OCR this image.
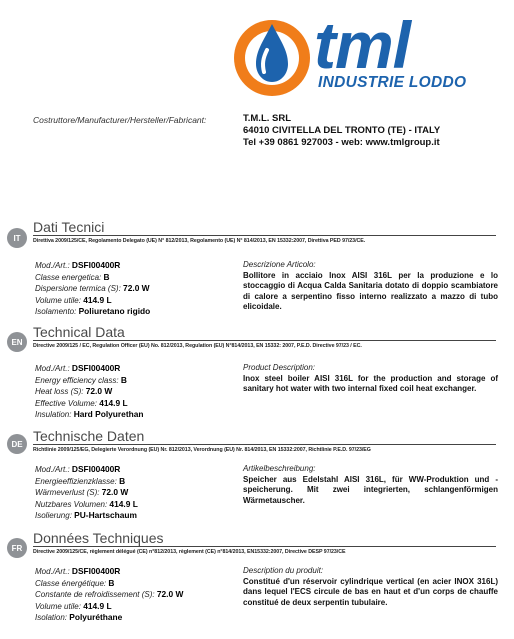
tml
INDUSTRIE LODDO
Costruttore/Manufacturer/Hersteller/Fabricant:	T.M.L. SRL
64010 CIVITELLA DEL TRONTO (TE) - ITALY
Tel +39 0861 927003 - web: www.tmlgroup.it
IT
Dati Tecnici
Direttiva 2009/125/CE, Regolamento Delegato (UE) N° 812/2013, Regolamento (UE) N° 814/2013, EN 15332:2007, Direttiva PED 97/23/CE.
Mod./Art.: DSFI00400R
Classe energetica: B
Dispersione termica (S): 72.0 W
Volume utile: 414.9 L
Isolamento: Poliuretano rigido
Descrizione Articolo:
Bollitore in acciaio Inox AISI 316L per la produzione e lo stoccaggio di Acqua Calda Sanitaria dotato di doppio scambiatore di calore a serpentino fisso interno realizzato a mazzo di tubo elicoidale.
EN
Technical Data
Directive 2009/125 / EC, Regulation Officer (EU) No. 812/2013, Regulation (EU) N°814/2013, EN 15332: 2007, P.E.D. Directive 97/23 / EC.
Mod./Art.: DSFI00400R
Energy efficiency class: B
Heat loss (S): 72.0 W
Effective Volume: 414.9 L
Insulation: Hard Polyurethan
Product Description:
Inox steel boiler AISI 316L for the production and storage of sanitary hot water with two internal fixed coil heat exchanger.
DE Technische Daten
Richtlinie 2009/125/EG, Delegierte Verordnung (EU) Nr. 812/2013, Verordnung (EU) Nr. 814/2013, EN 15332:2007, Richtlinie P.E.D. 97/23/EG
Mod./Art.: DSFI00400R
Energieeffizienzklasse: B
Wärmeverlust (S): 72.0 W
Nutzbares Volumen: 414.9 L
Isolierung: PU-Hartschaum
Artikelbeschreibung:
Speicher aus Edelstahl AISI 316L, für WW-Produktion und -speicherung. Mit zwei integrierten, schlangenförmigen Wärmetauscher.
FR
Données Techniques
Directive 2009/125/CE, règlement délégué (CE) n°812/2013, règlement (CE) n°814/2013, EN15332:2007, Directive DESP 97/23/CE
Mod./Art.: DSFI00400R
Classe énergétique: B
Constante de refroidissement (S): 72.0 W
Volume utile: 414.9 L
Isolation: Polyuréthane
Description du produit:
Constitué d'un réservoir cylindrique vertical (en acier INOX 316L) dans lequel l'ECS circule de bas en haut et d'un corps de chauffe constitué de deux serpentin tubulaire.
